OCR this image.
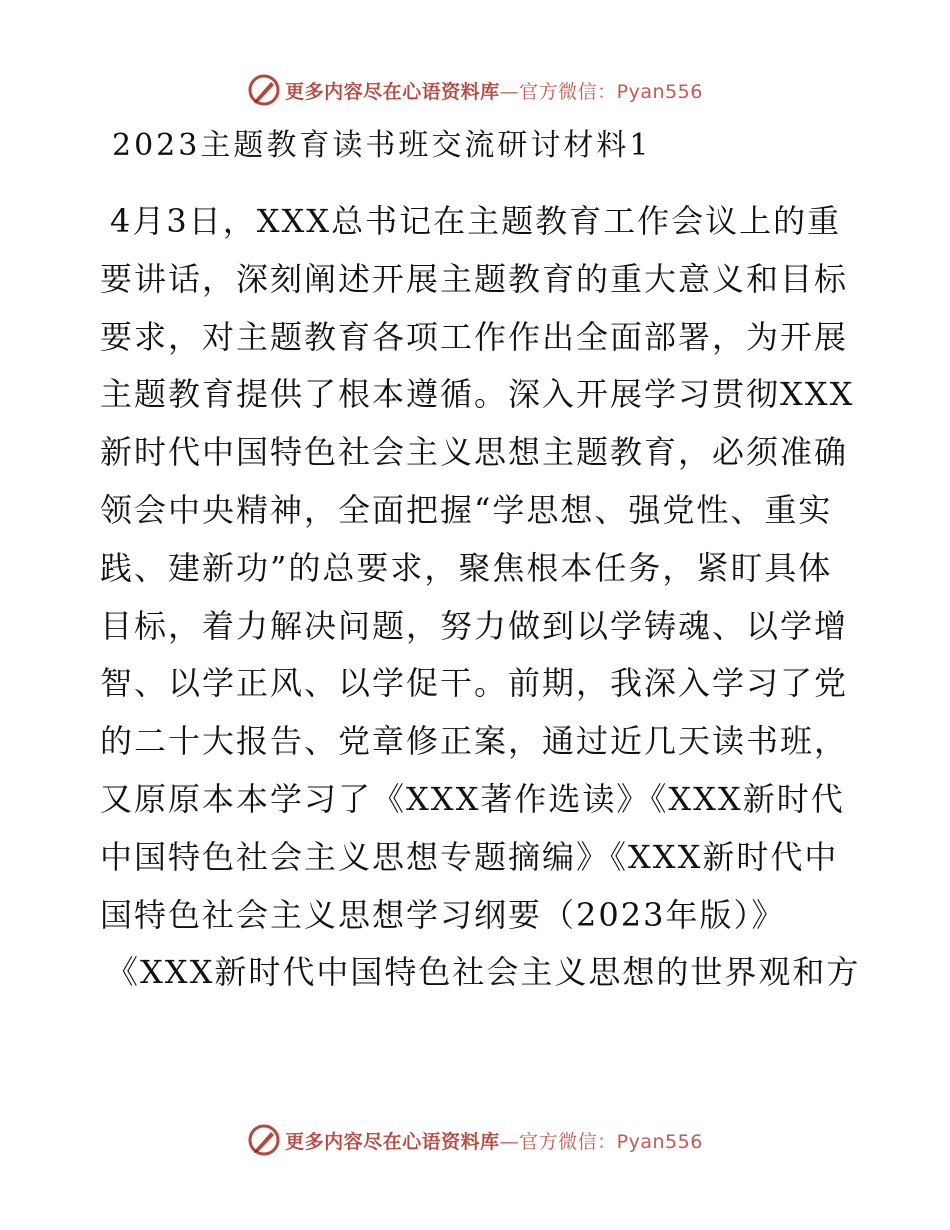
更多内容尽在心语资料库—官方微信：Pyan556
2023主题教育读书班交流研讨材料1
4月3日，XXX总书记在主题教育工作会议上的重
要讲话，深刻阐述开展主题教育的重大意义和目标
要求，对主题教育各项工作作出全面部署，为开展
主题教育提供了根本遵循。深入开展学习贯彻XXX
新时代中国特色社会主义思想主题教育，必须准确
领会中央精神，全面把握“学思想、强党性、重实
践、建新功”的总要求，聚焦根本任务，紧盯具体
目标，着力解决问题，努力做到以学铸魂、以学增
智、以学正风、以学促干。前期，我深入学习了党
的二十大报告、党章修正案，通过近几天读书班，
又原原本本学习了《XXX著作选读》《XXX新时代
中国特色社会主义思想专题摘编》《XXX新时代中
国特色社会主义思想学习纲要（2023年版）》
《XXX新时代中国特色社会主义思想的世界观和方
更多内容尽在心语资料库—官方微信：Pyan556
